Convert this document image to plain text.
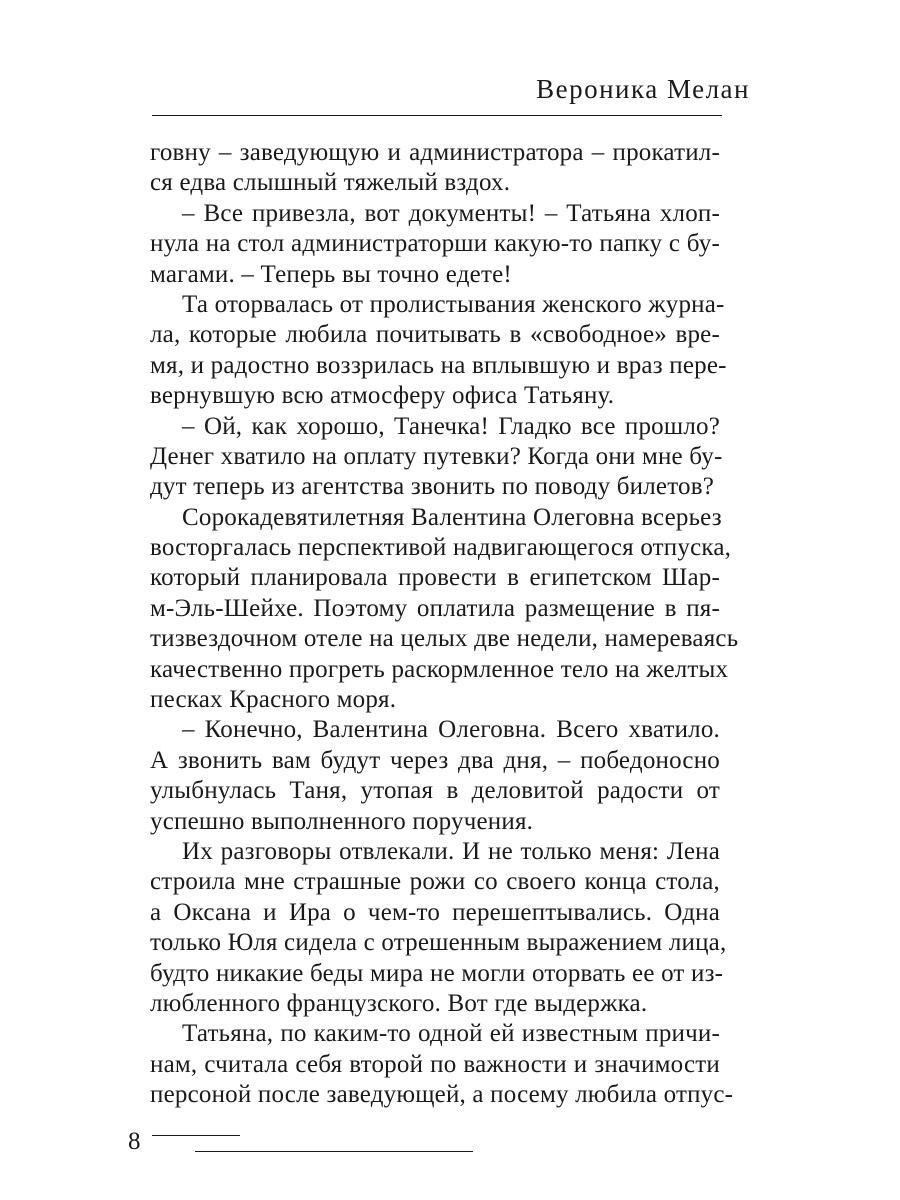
Вероника Мелан
говну – заведующую и администратора – прокатил-
ся едва слышный тяжелый вздох.
– Все привезла, вот документы! – Татьяна хлоп-
нула на стол администраторши какую-то папку с бу-
магами. – Теперь вы точно едете!
Та оторвалась от пролистывания женского журна-
ла, которые любила почитывать в «свободное» вре-
мя, и радостно воззрилась на вплывшую и враз пере-
вернувшую всю атмосферу офиса Татьяну.
– Ой, как хорошо, Танечка! Гладко все прошло?
Денег хватило на оплату путевки? Когда они мне бу-
дут теперь из агентства звонить по поводу билетов?
Сорокадевятилетняя Валентина Олеговна всерьез
восторгалась перспективой надвигающегося отпуска,
который планировала провести в египетском Шар-
м-Эль-Шейхе. Поэтому оплатила размещение в пя-
тизвездочном отеле на целых две недели, намереваясь
качественно прогреть раскормленное тело на желтых
песках Красного моря.
– Конечно, Валентина Олеговна. Всего хватило.
А звонить вам будут через два дня, – победоносно
улыбнулась Таня, утопая в деловитой радости от
успешно выполненного поручения.
Их разговоры отвлекали. И не только меня: Лена
строила мне страшные рожи со своего конца стола,
а Оксана и Ира о чем-то перешептывались. Одна
только Юля сидела с отрешенным выражением лица,
будто никакие беды мира не могли оторвать ее от из-
любленного французского. Вот где выдержка.
Татьяна, по каким-то одной ей известным причи-
нам, считала себя второй по важности и значимости
персоной после заведующей, а посему любила отпус-
8
